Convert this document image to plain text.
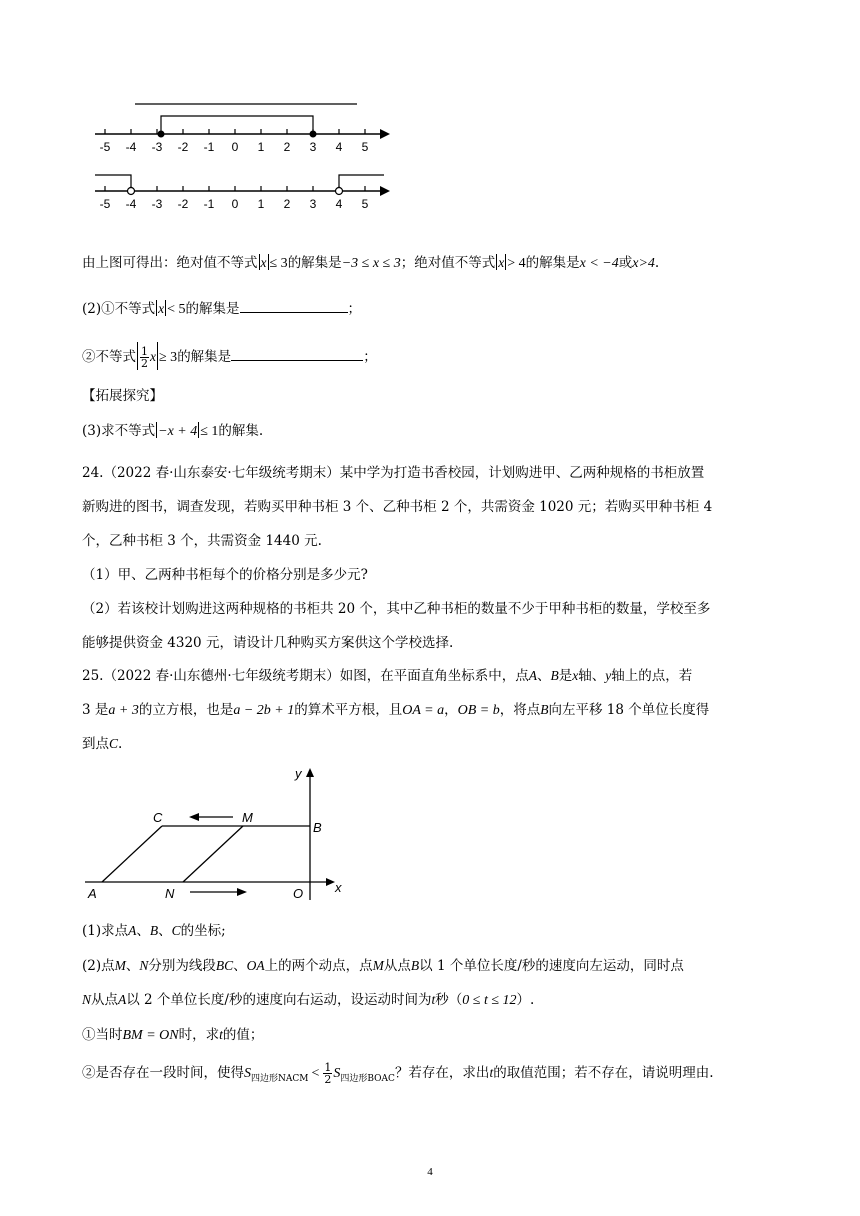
-5 -4 -3 -2 -1 0 1 2 3 4 5
-5 -4 -3 -2 -1 0 1 2 3 4 5
由上图可得出：绝对值不等式 x ≤ 3的解集是−3 ≤ x ≤ 3；绝对值不等式 x > 4的解集是x < −4或x>4.
(2)①不等式 x < 5的解集是	；
②不等式 $\frac{1}{2}$ x ≥ 3的解集是	；
【拓展探究】
(3)求不等式 −x + 4 ≤ 1的解集.
24.（2022 春·山东泰安·七年级统考期末）某中学为打造书香校园，计划购进甲、乙两种规格的书柜放置
新购进的图书，调查发现，若购买甲种书柜 3 个、乙种书柜 2 个，共需资金 1020 元；若购买甲种书柜 4
个，乙种书柜 3 个，共需资金 1440 元.
（1）甲、乙两种书柜每个的价格分别是多少元?
（2）若该校计划购进这两种规格的书柜共 20 个，其中乙种书柜的数量不少于甲种书柜的数量，学校至多
能够提供资金 4320 元，请设计几种购买方案供这个学校选择.
25.（2022 春·山东德州·七年级统考期末）如图，在平面直角坐标系中，点A、B是x轴、y轴上的点，若
3 是a + 3的立方根，也是a − 2b + 1的算术平方根，且OA = a，OB = b，将点B向左平移 18 个单位长度得
到点C.
C	M
B
A	N	O x
y
(1)求点A、B、C的坐标;
(2)点M、N分别为线段BC、OA上的两个动点，点M从点B以 1 个单位长度/秒的速度向左运动，同时点
N从点A以 2 个单位长度/秒的速度向右运动，设运动时间为t秒（0 ≤ t ≤ 12）.
①当时BM = ON时，求t的值；
②是否存在一段时间，使得$S_{四边形NACM} < \frac{1}{2} S_{四边形BOAC}$？若存在，求出t的取值范围；若不存在，请说明理由.
4
